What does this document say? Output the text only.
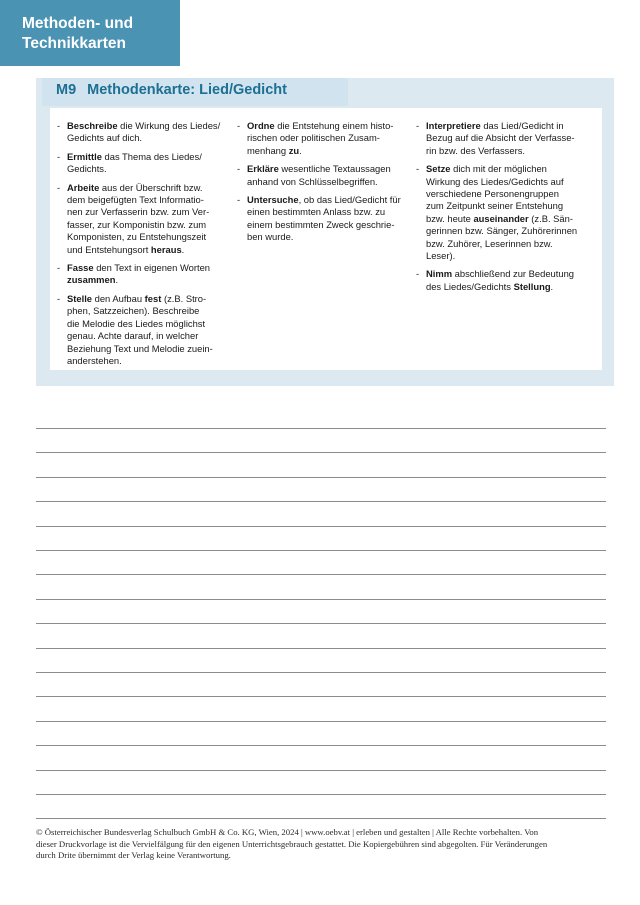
Methoden- und
Technikkarten
M9 Methodenkarte: Lied/Gedicht
- Beschreibe die Wirkung des Liedes/
Gedichts auf dich.
- Ermittle das Thema des Liedes/
Gedichts.
- Arbeite aus der Überschrift bzw.
dem beigefügten Text Informatio-
nen zur Verfasserin bzw. zum Ver-
fasser, zur Komponistin bzw. zum
Komponisten, zu Entstehungszeit
und Entstehungsort heraus.
- Fasse den Text in eigenen Worten
zusammen.
- Stelle den Aufbau fest (z.B. Stro-
phen, Satzzeichen). Beschreibe
die Melodie des Liedes möglichst
genau. Achte darauf, in welcher
Beziehung Text und Melodie zuein-
anderstehen.
- Ordne die Entstehung einem histo-
rischen oder politischen Zusam-
menhang zu.
- Erkläre wesentliche Textaussagen
anhand von Schlüsselbegriffen.
- Untersuche, ob das Lied/Gedicht für
einen bestimmten Anlass bzw. zu
einem bestimmten Zweck geschrie-
ben wurde.
- Interpretiere das Lied/Gedicht in
Bezug auf die Absicht der Verfasse-
rin bzw. des Verfassers.
- Setze dich mit der möglichen
Wirkung des Liedes/Gedichts auf
verschiedene Personengruppen
zum Zeitpunkt seiner Entstehung
bzw. heute auseinander (z.B. Sän-
gerinnen bzw. Sänger, Zuhörerinnen
bzw. Zuhörer, Leserinnen bzw.
Leser).
- Nimm abschließend zur Bedeutung
des Liedes/Gedichts Stellung.
© Österreichischer Bundesverlag Schulbuch GmbH & Co. KG, Wien, 2024 | www.oebv.at | erleben und gestalten | Alle Rechte vorbehalten. Von
dieser Druckvorlage ist die Vervielfälgung für den eigenen Unterrichtsgebrauch gestattet. Die Kopiergebühren sind abgegolten. Für Veränderungen
durch Drite übernimmt der Verlag keine Verantwortung.
